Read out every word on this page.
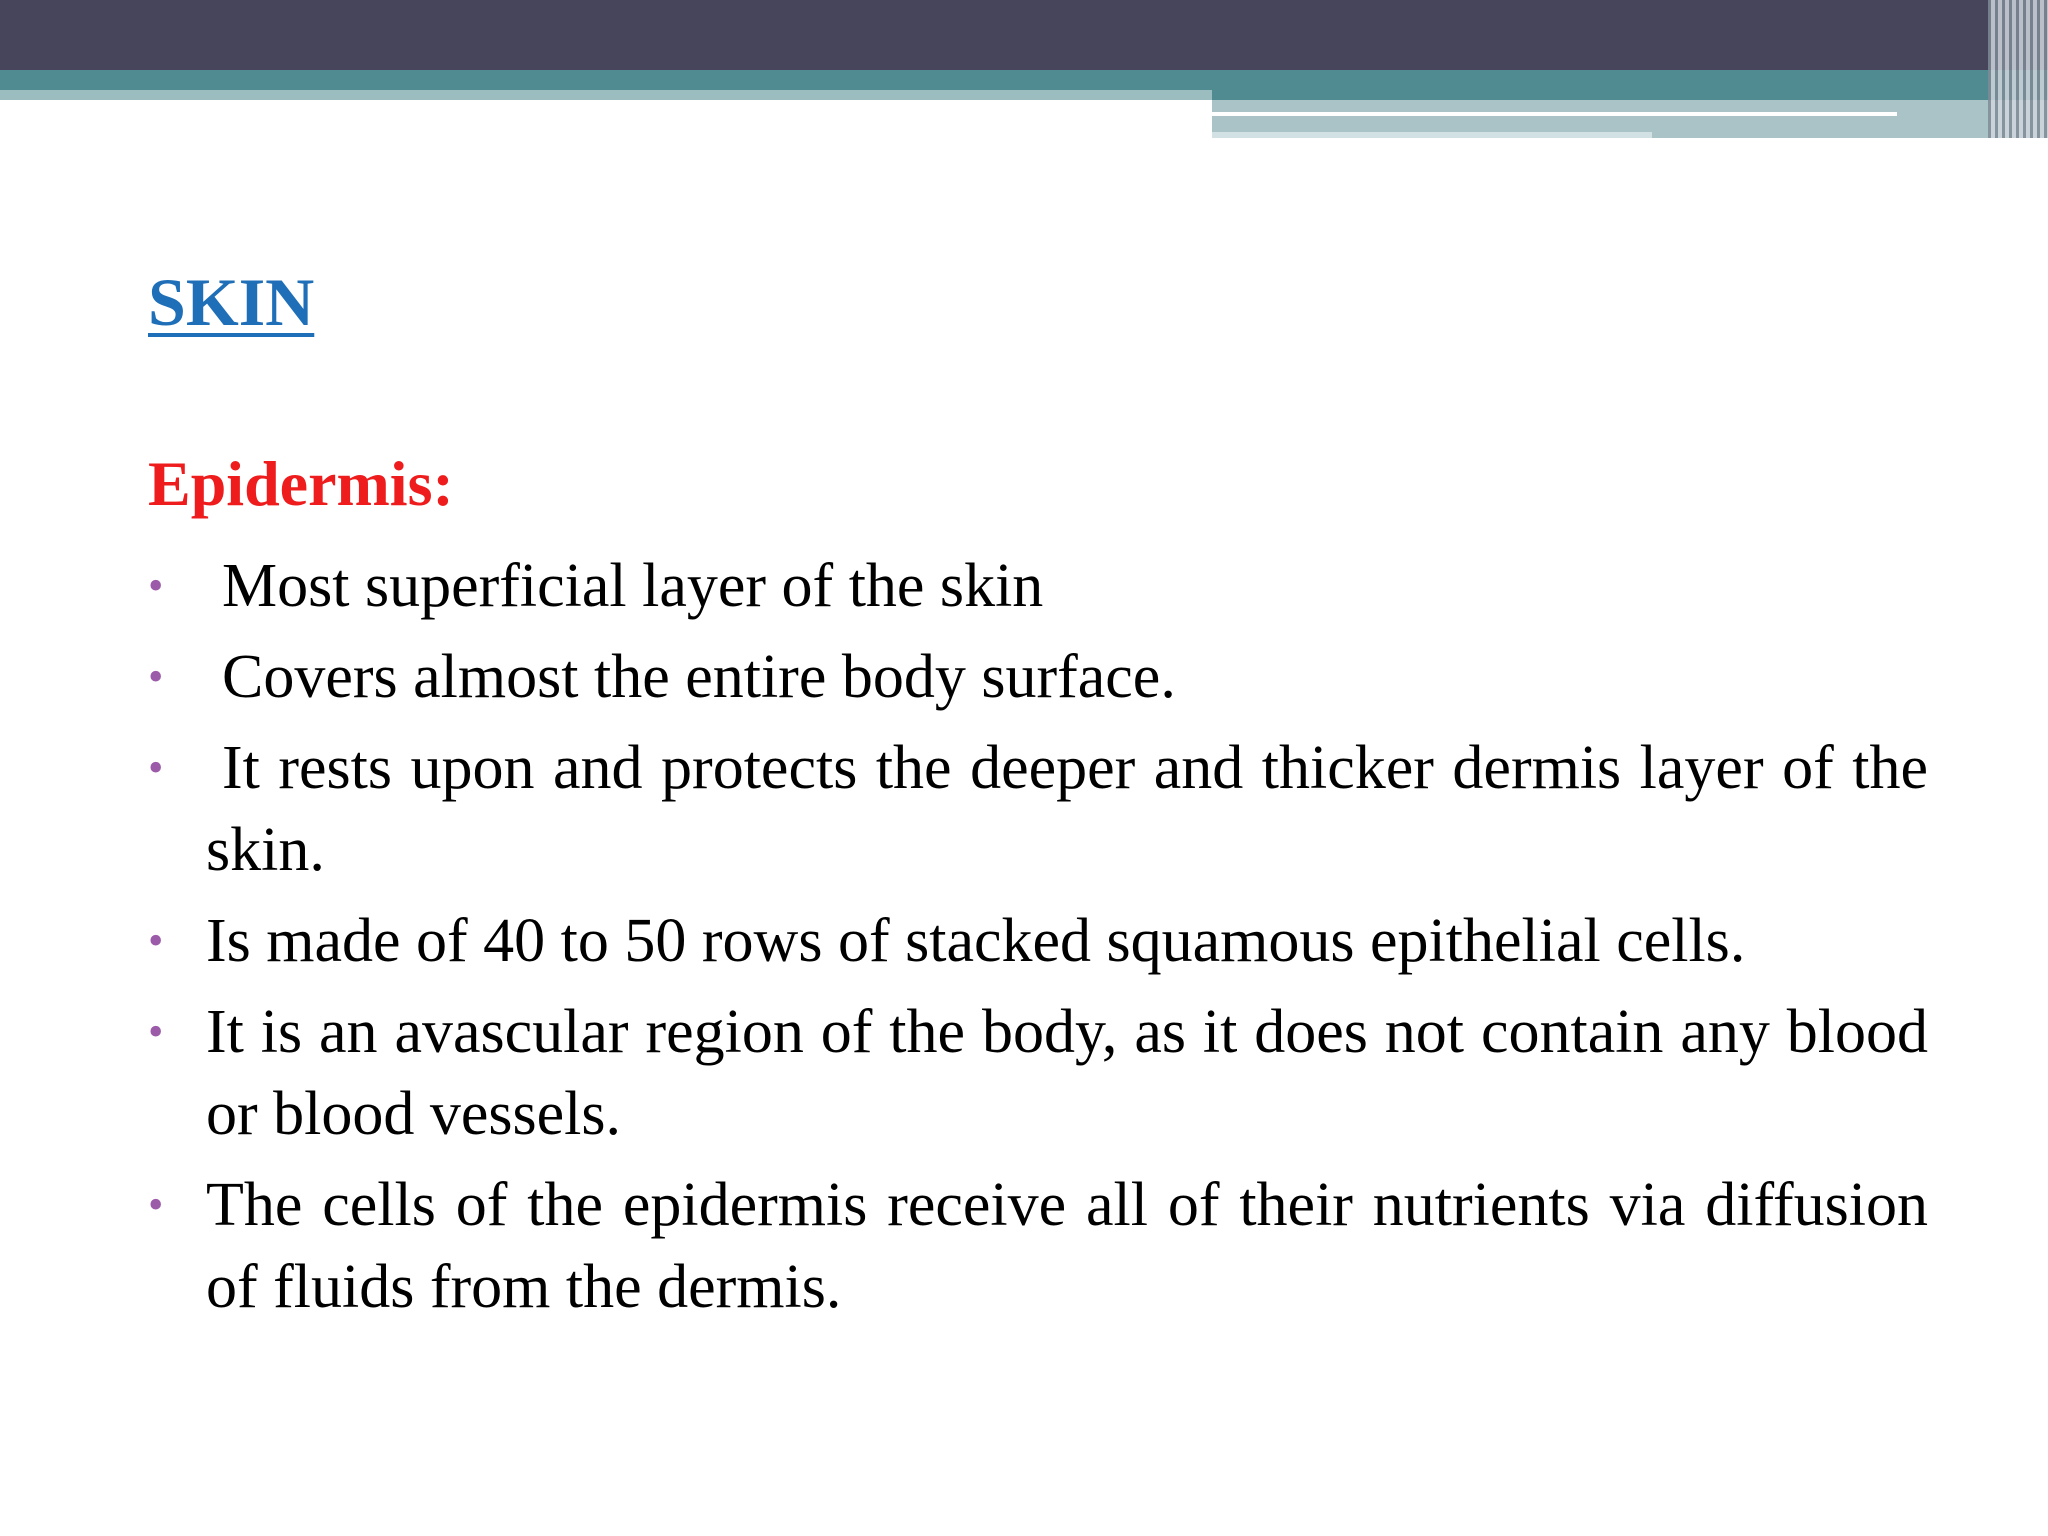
SKIN
Epidermis:
• Most superficial layer of the skin
• Covers almost the entire body surface.
• It rests upon and protects the deeper and thicker dermis layer of the skin.
• Is made of 40 to 50 rows of stacked squamous epithelial cells.
• It is an avascular region of the body, as it does not contain any blood or blood vessels.
• The cells of the epidermis receive all of their nutrients via diffusion of fluids from the dermis.
